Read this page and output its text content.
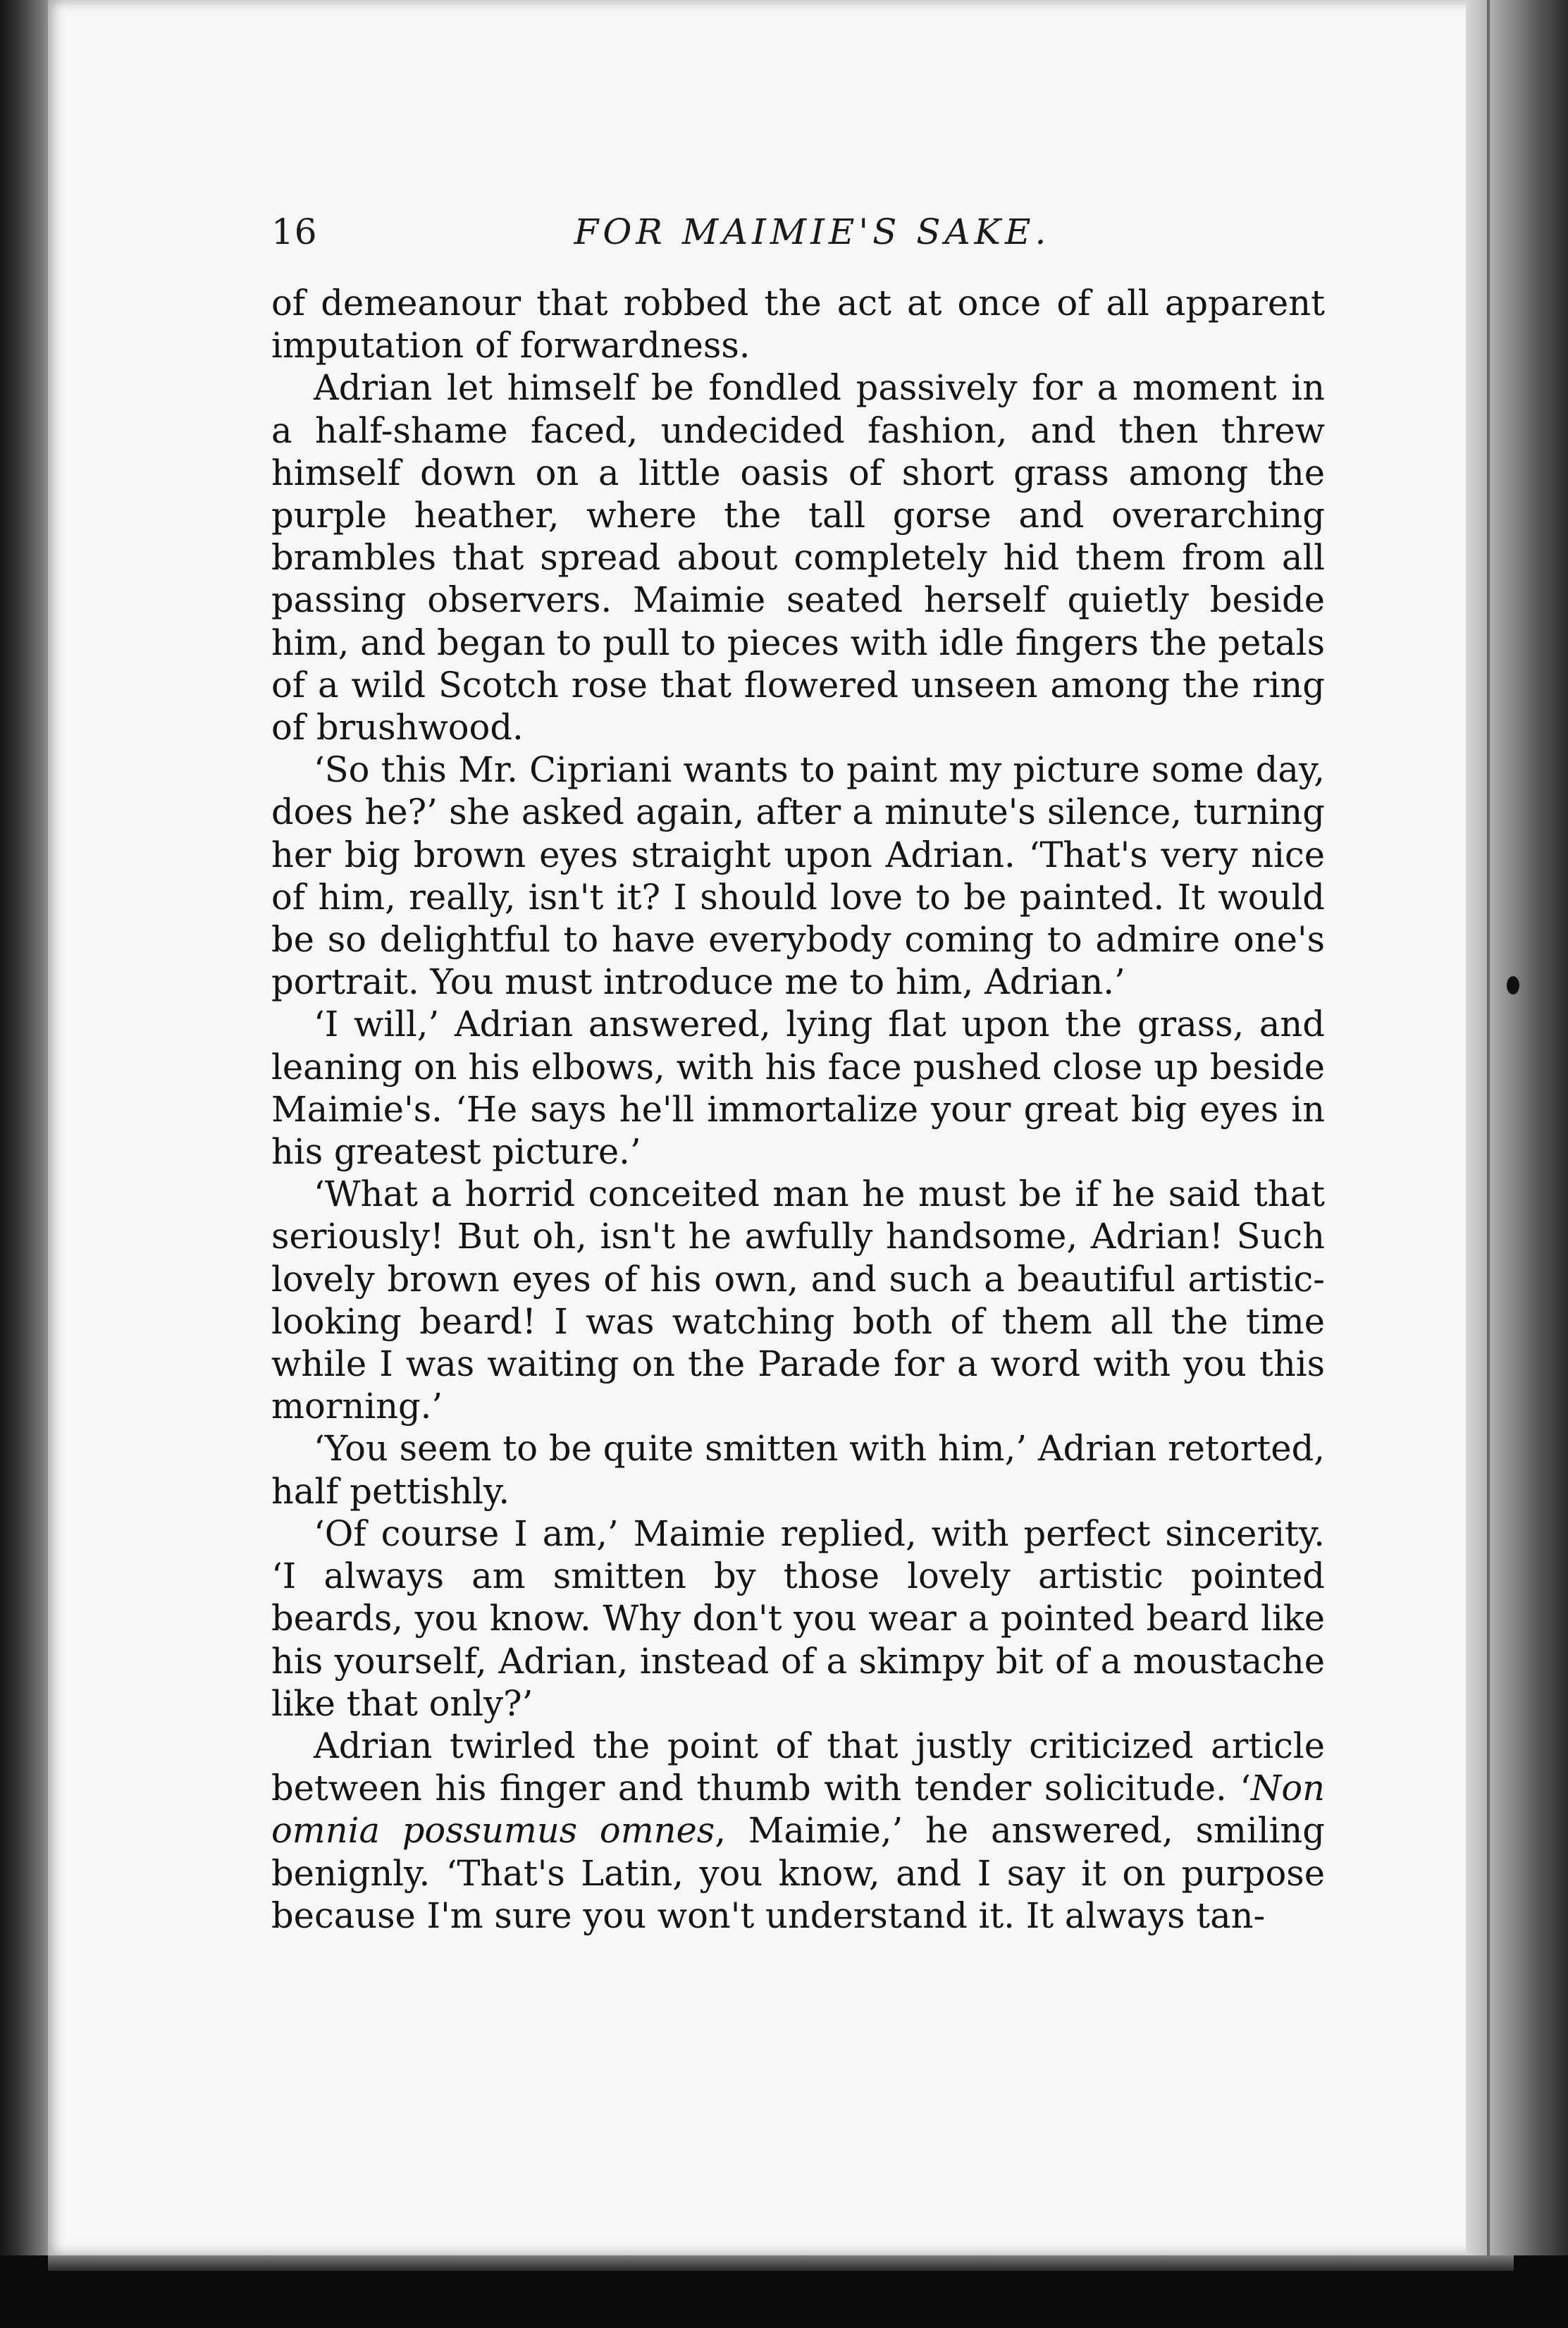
16	FOR MAIMIE'S SAKE.

of demeanour that robbed the act at once of all apparent imputation of forwardness.

Adrian let himself be fondled passively for a moment in a half-shame faced, undecided fashion, and then threw himself down on a little oasis of short grass among the purple heather, where the tall gorse and overarching brambles that spread about completely hid them from all passing observers. Maimie seated herself quietly beside him, and began to pull to pieces with idle fingers the petals of a wild Scotch rose that flowered unseen among the ring of brushwood.

‘So this Mr. Cipriani wants to paint my picture some day, does he?’ she asked again, after a minute's silence, turning her big brown eyes straight upon Adrian. ‘That's very nice of him, really, isn't it? I should love to be painted. It would be so delightful to have everybody coming to admire one's portrait. You must introduce me to him, Adrian.’

‘I will,’ Adrian answered, lying flat upon the grass, and leaning on his elbows, with his face pushed close up beside Maimie's. ‘He says he'll immortalize your great big eyes in his greatest picture.’

‘What a horrid conceited man he must be if he said that seriously! But oh, isn't he awfully handsome, Adrian! Such lovely brown eyes of his own, and such a beautiful artistic-looking beard! I was watching both of them all the time while I was waiting on the Parade for a word with you this morning.’

‘You seem to be quite smitten with him,’ Adrian retorted, half pettishly.

‘Of course I am,’ Maimie replied, with perfect sincerity. ‘I always am smitten by those lovely artistic pointed beards, you know. Why don't you wear a pointed beard like his yourself, Adrian, instead of a skimpy bit of a moustache like that only?’

Adrian twirled the point of that justly criticized article between his finger and thumb with tender solicitude. ‘Non omnia possumus omnes, Maimie,’ he answered, smiling benignly. ‘That's Latin, you know, and I say it on purpose because I'm sure you won't understand it. It always tan-
